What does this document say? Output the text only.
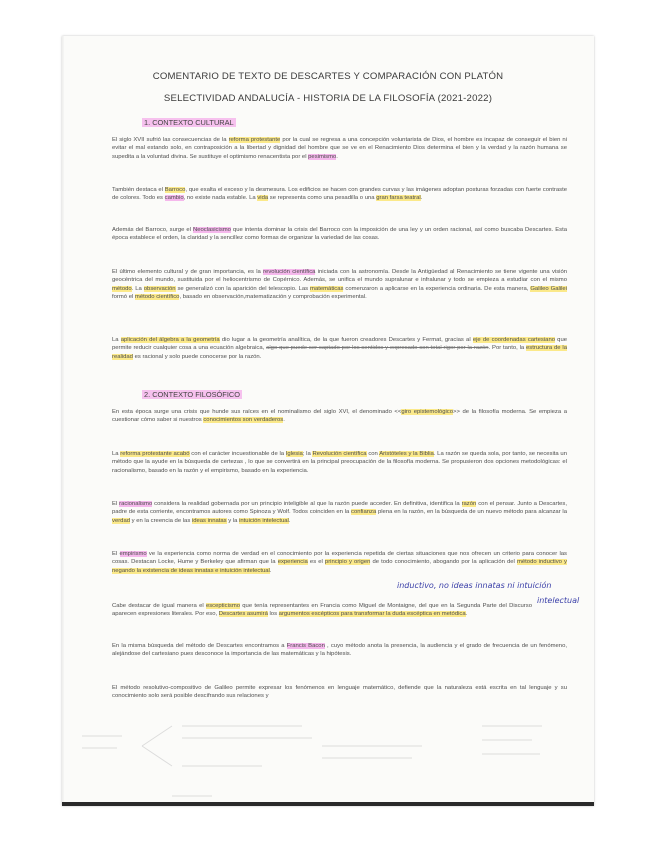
COMENTARIO DE TEXTO DE DESCARTES Y COMPARACIÓN CON PLATÓN
SELECTIVIDAD ANDALUCÍA - HISTORIA DE LA FILOSOFÍA (2021-2022)
1. CONTEXTO CULTURAL
El siglo XVII sufrió las consecuencias de la reforma protestante por la cual se regresa a una concepción voluntarista de Dios, el hombre es incapaz de conseguir el bien ni evitar el mal estando solo, en contraposición a la libertad y dignidad del hombre que se ve en el Renacimiento Dios determina el bien y la verdad y la razón humana se supedita a la voluntad divina. Se sustituye el optimismo renacentista por el pesimismo.
También destaca el Barroco, que exalta el exceso y la desmesura. Los edificios se hacen con grandes curvas y las imágenes adoptan posturas forzadas con fuerte contraste de colores. Todo es cambio, no existe nada estable. La vida se representa como una pesadilla o una gran farsa teatral.
Además del Barroco, surge el Neoclasicismo que intenta dominar la crisis del Barroco con la imposición de una ley y un orden racional, así como buscaba Descartes. Esta época establece el orden, la claridad y la sencillez como formas de organizar la variedad de las cosas.
El último elemento cultural y de gran importancia, es la revolución científica iniciada con la astronomía. Desde la Antigüedad al Renacimiento se tiene vigente una visión geocéntrica del mundo, sustituida por el heliocentrismo de Copérnico. Además, se unifica el mundo supralunar e infralunar y todo se empieza a estudiar con el mismo método. La observación se generalizó con la aparición del telescopio. Las matemáticas comenzaron a aplicarse en la experiencia ordinaria. De esta manera, Galileo Galilei formó el método científico, basado en observación,matematización y comprobación experimental.
La aplicación del álgebra a la geometría dio lugar a la geometría analítica, de la que fueron creadores Descartes y Fermat, gracias al eje de coordenadas cartesiano que permite reducir cualquier cosa a una ecuación algebraica, algo que puede ser captado por los sentidos y expresado con total rigor por la razón. Por tanto, la estructura de la realidad es racional y solo puede conocerse por la razón.
2. CONTEXTO FILOSÓFICO
En esta época surge una crisis que hunde sus raíces en el nominalismo del siglo XVI, el denominado <<giro epistemológico>> de la filosofía moderna. Se empieza a cuestionar cómo saber si nuestros conocimientos son verdaderos.
La reforma protestante acabó con el carácter incuestionable de la Iglesia; la Revolución científica con Aristóteles y la Biblia. La razón se queda sola, por tanto, se necesita un método que la ayude en la búsqueda de certezas , lo que se convertirá en la principal preocupación de la filosofía moderna. Se propusieron dos opciones metodológicas: el racionalismo, basado en la razón y el empirismo, basado en la experiencia.
El racionalismo considera la realidad gobernada por un principio inteligible al que la razón puede acceder. En definitiva, identifica la razón con el pensar. Junto a Descartes, padre de esta corriente, encontramos autores como Spinoza y Wolf. Todos coinciden en la confianza plena en la razón, en la búsqueda de un nuevo método para alcanzar la verdad y en la creencia de las ideas innatas y la intuición intelectual.
El empirismo ve la experiencia como norma de verdad en el conocimiento por la experiencia repetida de ciertas situaciones que nos ofrecen un criterio para conocer las cosas. Destacan Locke, Hume y Berkeley que afirman que la experiencia es el principio y origen de todo conocimiento, abogando por la aplicación del método inductivo y negando la existencia de ideas innatas e intuición intelectual.
inductivo, no ideas innatas ni intuición
intelectual
Cabe destacar de igual manera el escepticismo que tenía representantes en Francia como Miguel de Montaigne, del que en la Segunda Parte del Discurso aparecen expresiones literales. Por eso, Descartes asumirá los argumentos escépticos para transformar la duda escéptica en metódica.
En la misma búsqueda del método de Descartes encontramos a Francis Bacon , cuyo método anota la presencia, la audiencia y el grado de frecuencia de un fenómeno, alejándose del cartesiano pues desconoce la importancia de las matemáticas y la hipótesis.
El método resolutivo-compositivo de Galileo permite expresar los fenómenos en lenguaje matemático, defiende que la naturaleza está escrita en tal lenguaje y su conocimiento solo será posible descifrando sus relaciones y
